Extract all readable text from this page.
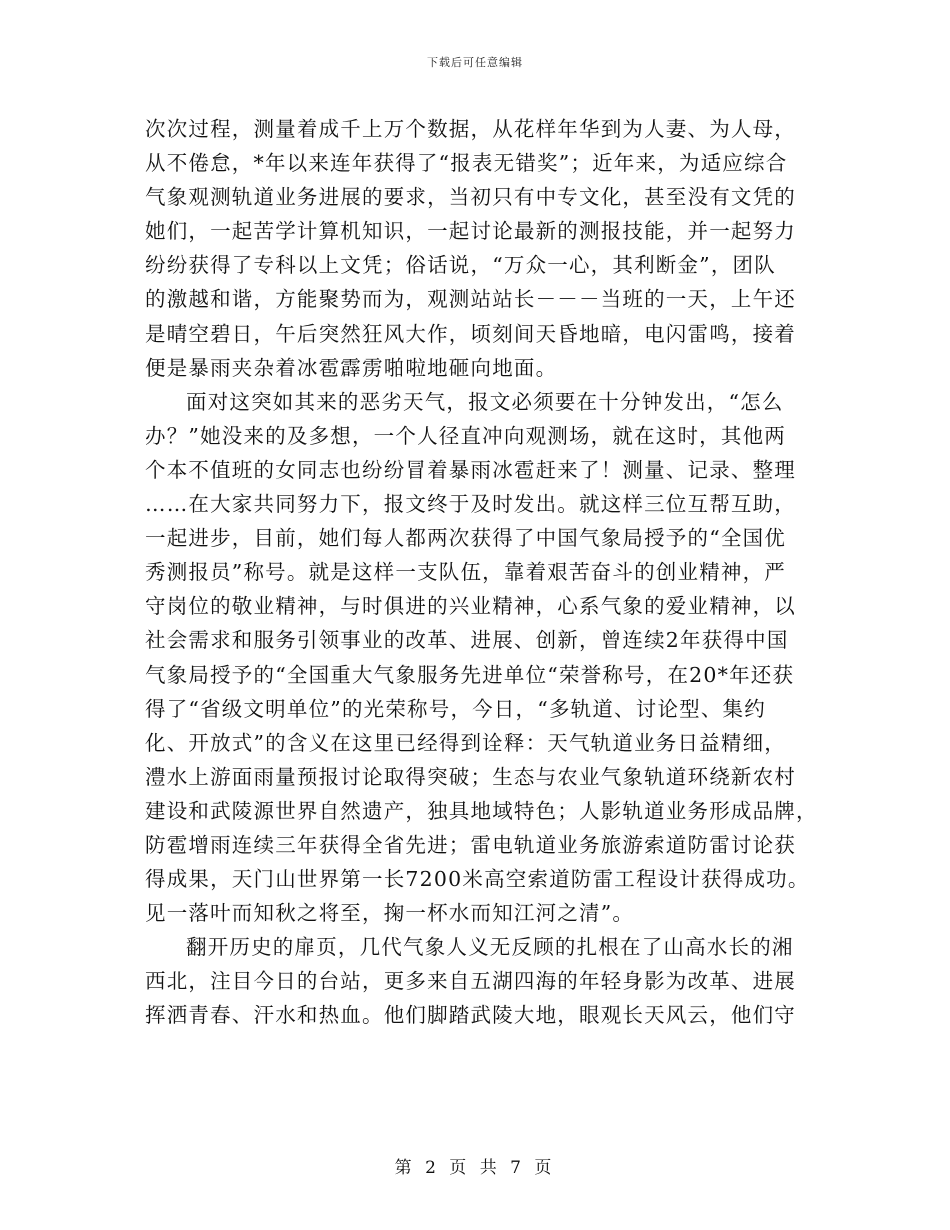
下载后可任意编辑
次次过程，测量着成千上万个数据，从花样年华到为人妻、为人母，
从不倦怠，*年以来连年获得了“报表无错奖”；近年来，为适应综合
气象观测轨道业务进展的要求，当初只有中专文化，甚至没有文凭的
她们，一起苦学计算机知识，一起讨论最新的测报技能，并一起努力
纷纷获得了专科以上文凭；俗话说，“万众一心，其利断金”，团队
的激越和谐，方能聚势而为，观测站站长－－－当班的一天，上午还
是晴空碧日，午后突然狂风大作，顷刻间天昏地暗，电闪雷鸣，接着
便是暴雨夹杂着冰雹霹雳啪啦地砸向地面。
面对这突如其来的恶劣天气，报文必须要在十分钟发出，“怎么
办？”她没来的及多想，一个人径直冲向观测场，就在这时，其他两
个本不值班的女同志也纷纷冒着暴雨冰雹赶来了！测量、记录、整理
……在大家共同努力下，报文终于及时发出。就这样三位互帮互助，
一起进步，目前，她们每人都两次获得了中国气象局授予的“全国优
秀测报员”称号。就是这样一支队伍，靠着艰苦奋斗的创业精神，严
守岗位的敬业精神，与时俱进的兴业精神，心系气象的爱业精神，以
社会需求和服务引领事业的改革、进展、创新，曾连续2年获得中国
气象局授予的“全国重大气象服务先进单位“荣誉称号，在20*年还获
得了“省级文明单位”的光荣称号，今日，“多轨道、讨论型、集约
化、开放式”的含义在这里已经得到诠释：天气轨道业务日益精细，
澧水上游面雨量预报讨论取得突破；生态与农业气象轨道环绕新农村
建设和武陵源世界自然遗产，独具地域特色；人影轨道业务形成品牌，
防雹增雨连续三年获得全省先进；雷电轨道业务旅游索道防雷讨论获
得成果，天门山世界第一长7200米高空索道防雷工程设计获得成功。
见一落叶而知秋之将至，掬一杯水而知江河之清”。
翻开历史的扉页，几代气象人义无反顾的扎根在了山高水长的湘
西北，注目今日的台站，更多来自五湖四海的年轻身影为改革、进展
挥洒青春、汗水和热血。他们脚踏武陵大地，眼观长天风云，他们守
第 2 页 共 7 页
